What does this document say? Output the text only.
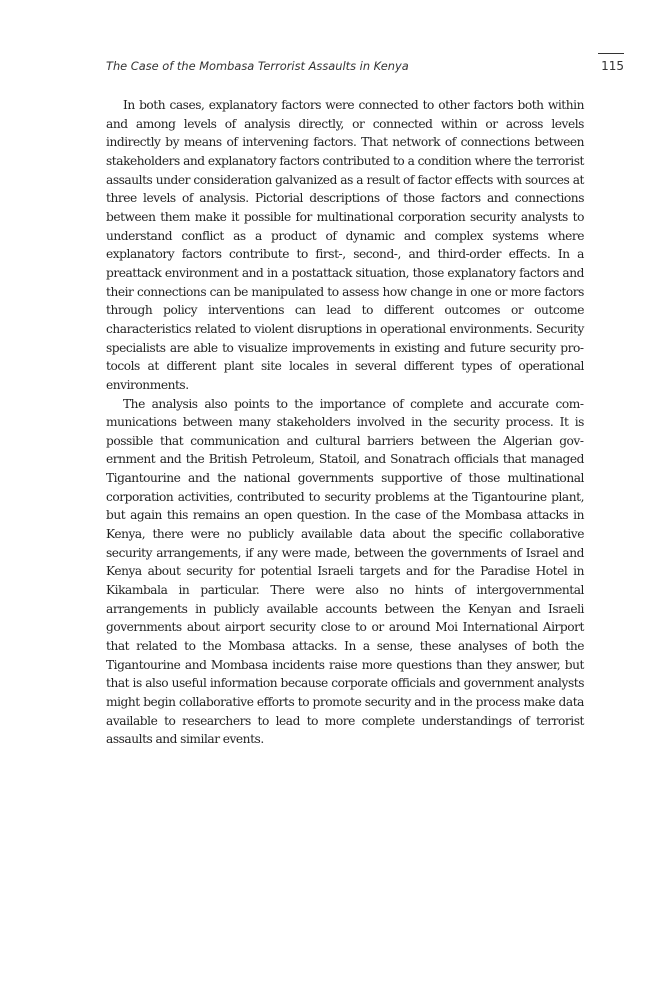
The Case of the Mombasa Terrorist Assaults in Kenya	115

In both cases, explanatory factors were connected to other factors both within and among levels of analysis directly, or connected within or across levels indirectly by means of intervening factors. That network of connections between stakeholders and explanatory factors contributed to a condition where the terrorist assaults under consideration galvanized as a result of factor effects with sources at three levels of analysis. Pictorial descriptions of those factors and connections between them make it possible for multinational corporation security analysts to understand conflict as a product of dynamic and complex systems where explanatory factors contribute to first-, second-, and third-order effects. In a preattack environment and in a postattack situation, those explanatory factors and their connections can be manipulated to assess how change in one or more factors through policy interventions can lead to different outcomes or outcome characteristics related to violent disruptions in operational environments. Security specialists are able to visualize improvements in existing and future security protocols at different plant site locales in several different types of operational environments.

The analysis also points to the importance of complete and accurate communications between many stakeholders involved in the security process. It is possible that communication and cultural barriers between the Algerian government and the British Petroleum, Statoil, and Sonatrach officials that managed Tigantourine and the national governments supportive of those multinational corporation activities, contributed to security problems at the Tigantourine plant, but again this remains an open question. In the case of the Mombasa attacks in Kenya, there were no publicly available data about the specific collaborative security arrangements, if any were made, between the governments of Israel and Kenya about security for potential Israeli targets and for the Paradise Hotel in Kikambala in particular. There were also no hints of intergovernmental arrangements in publicly available accounts between the Kenyan and Israeli governments about airport security close to or around Moi International Airport that related to the Mombasa attacks. In a sense, these analyses of both the Tigantourine and Mombasa incidents raise more questions than they answer, but that is also useful information because corporate officials and government analysts might begin collaborative efforts to promote security and in the process make data available to researchers to lead to more complete understandings of terrorist assaults and similar events.
